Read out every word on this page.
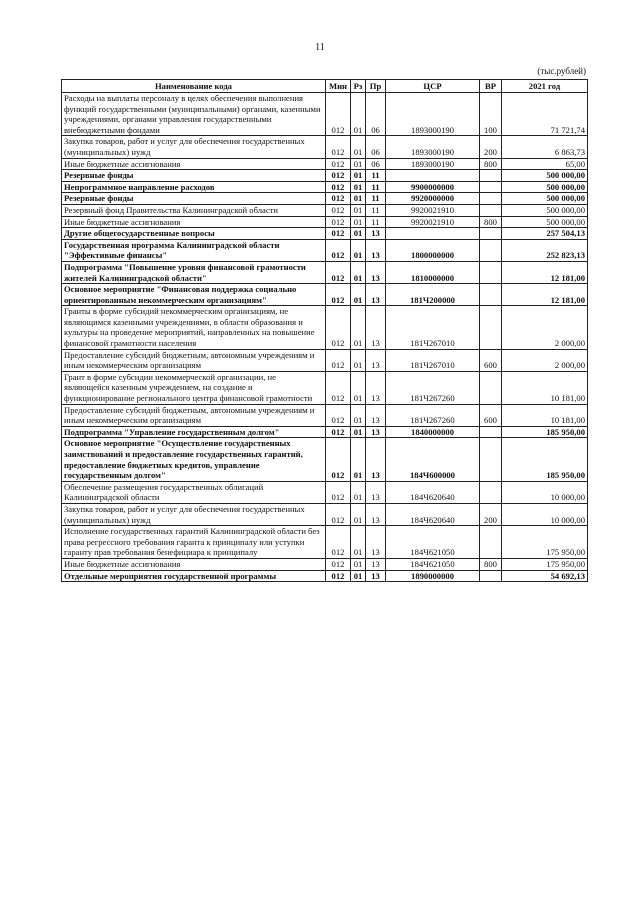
11
(тыс.рублей)
Наименование кода	Мин	Рз	Пр	ЦСР	ВР	2021 год
Расходы на выплаты персоналу в целях обеспечения выполнения функций государственными (муниципальными) органами, казенными учреждениями, органами управления государственными внебюджетными фондами	012	01	06	1893000190	100	71 721,74
Закупка товаров, работ и услуг для обеспечения государственных (муниципальных) нужд	012	01	06	1893000190	200	6 863,73
Иные бюджетные ассигнования	012	01	06	1893000190	800	65,00
Резервные фонды	012	01	11			500 000,00
Непрограммное направление расходов	012	01	11	9900000000		500 000,00
Резервные фонды	012	01	11	9920000000		500 000,00
Резервный фонд Правительства Калининградской области	012	01	11	9920021910		500 000,00
Иные бюджетные ассигнования	012	01	11	9920021910	800	500 000,00
Другие общегосударственные вопросы	012	01	13			257 504,13
Государственная программа Калининградской области "Эффективные финансы"	012	01	13	1800000000		252 823,13
Подпрограмма "Повышение уровня финансовой грамотности жителей Калининградской области"	012	01	13	1810000000		12 181,00
Основное мероприятие "Финансовая поддержка социально ориентированным некоммерческим организациям"	012	01	13	181Ч200000		12 181,00
Гранты в форме субсидий некоммерческим организациям, не являющимся казенными учреждениями, в области образования и культуры на проведение мероприятий, направленных на повышение финансовой грамотности населения	012	01	13	181Ч267010		2 000,00
Предоставление субсидий бюджетным, автономным учреждениям и иным некоммерческим организациям	012	01	13	181Ч267010	600	2 000,00
Грант в форме субсидии некоммерческой организации, не являющейся казенным учреждением, на создание и функционирование регионального центра финансовой грамотности	012	01	13	181Ч267260		10 181,00
Предоставление субсидий бюджетным, автономным учреждениям и иным некоммерческим организациям	012	01	13	181Ч267260	600	10 181,00
Подпрограмма "Управление государственным долгом"	012	01	13	1840000000		185 950,00
Основное мероприятие "Осуществление государственных заимствований и предоставление государственных гарантий, предоставление бюджетных кредитов, управление государственным долгом"	012	01	13	184Ч600000		185 950,00
Обеспечение размещения государственных облигаций Калининградской области	012	01	13	184Ч620640		10 000,00
Закупка товаров, работ и услуг для обеспечения государственных (муниципальных) нужд	012	01	13	184Ч620640	200	10 000,00
Исполнение государственных гарантий Калининградской области без права регрессного требования гаранта к принципалу или уступки гаранту прав требования бенефициара к принципалу	012	01	13	184Ч621050		175 950,00
Иные бюджетные ассигнования	012	01	13	184Ч621050	800	175 950,00
Отдельные мероприятия государственной программы	012	01	13	1890000000		54 692,13
